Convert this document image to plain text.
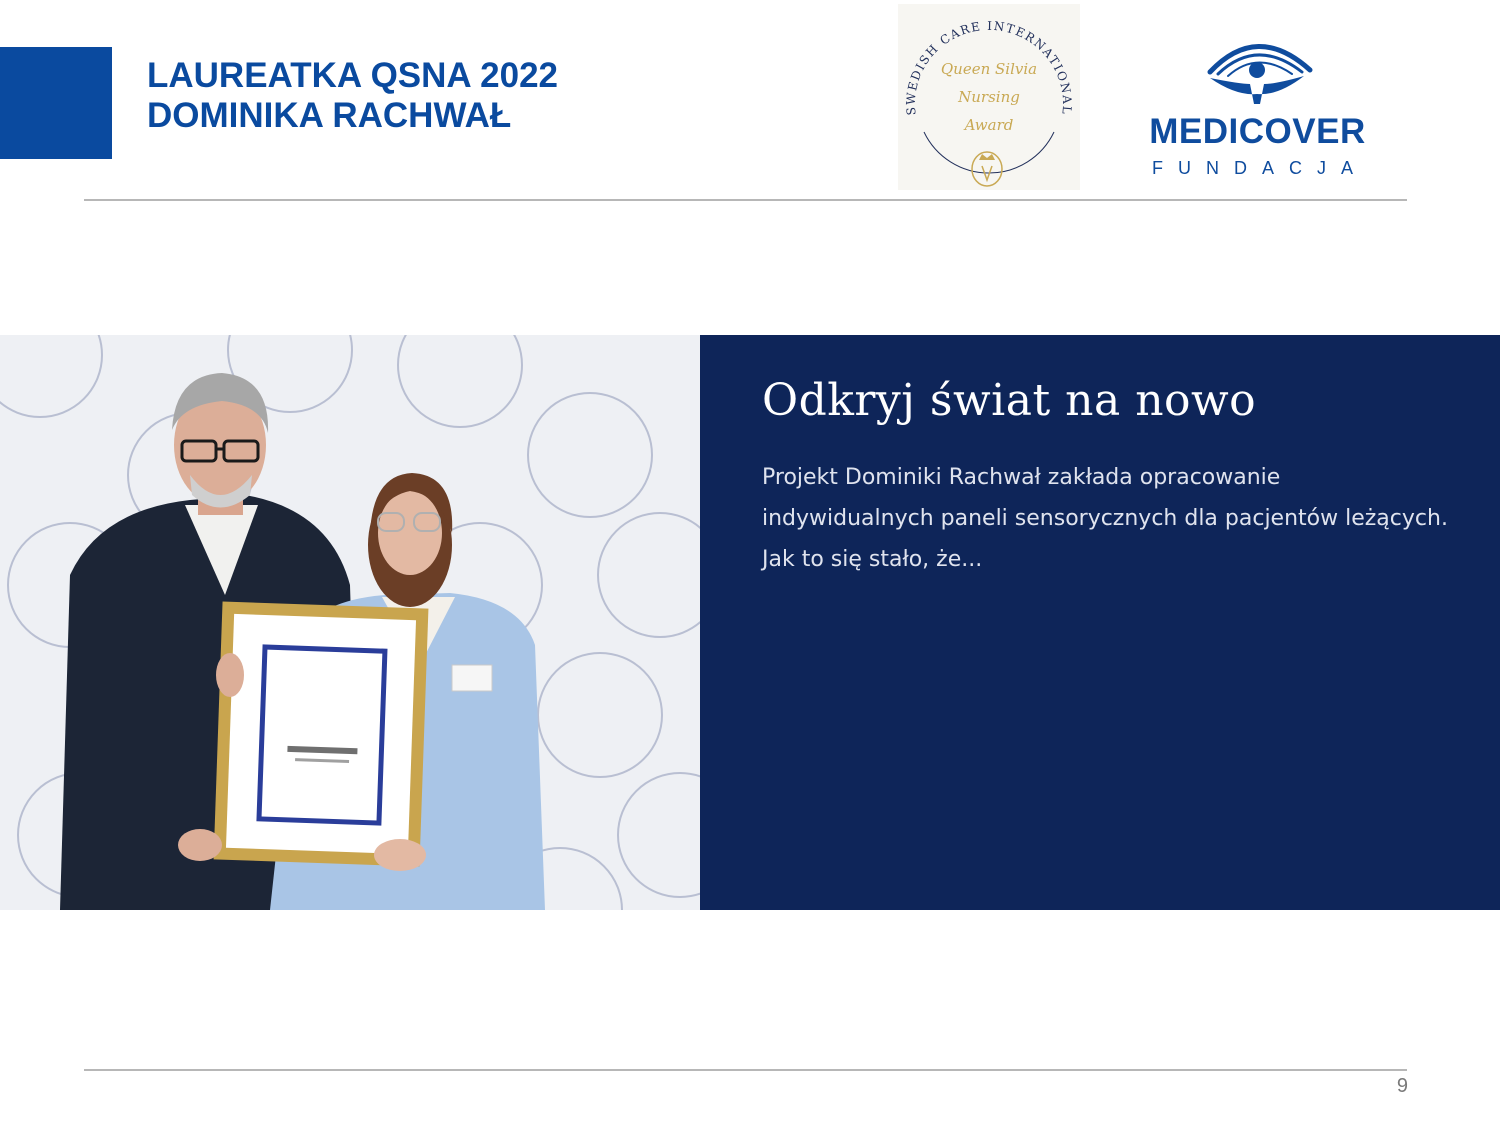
LAUREATKA QSNA 2022
DOMINIKA RACHWAŁ	SWEDISH CARE INTERNATIONAL
Queen Silvia
Nursing
Award	MEDICOVER
FUNDACJA
Odkryj świat na nowo

Projekt Dominiki Rachwał zakłada opracowanie
indywidualnych paneli sensorycznych dla pacjentów leżących.
Jak to się stało, że...

9
